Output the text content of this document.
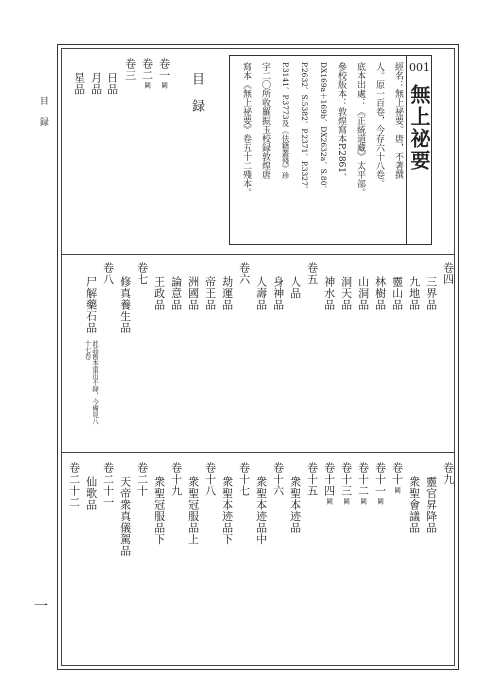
目録
一
001
無上祕要
經名：無上祕要。唐，不著撰
人。原一百卷，今存六十八卷。
底本出處：《正統道藏》太平部。
參校版本：敦煌寫本P.2861、
DX169a＋169b、DX2632a、S.80、
P.2632、S.5382、P.2371、P.3327、
P.3141、P.3773及《伕籍叢殘》珍
字二〇所收羅振玉校録敦煌唐
寫本《無上祕要》卷五十二殘本。
目録
卷一
闕
卷二
闕
卷三
日品
月品
星品
卷四
三界品
九地品
靈山品
林樹品
山洞品
洞天品
神水品
卷五
人品
身神品
人壽品
卷六
劫運品
帝王品
洲國品
論意品
王政品
卷七
修真養生品
卷八
尸解藥石品
此品舊本重出不録，今備見八十七卷
卷九
靈官昇降品
衆聖會議品
卷十
闕
卷十一
闕
卷十二
闕
卷十三
闕
卷十四
闕
卷十五
衆聖本迹品
卷十六
衆聖本迹品中
卷十七
衆聖本迹品下
卷十八
衆聖冠服品上
卷十九
衆聖冠服品下
卷二十
天帝衆真儀駕品
卷二十一
仙歌品
卷二十二
